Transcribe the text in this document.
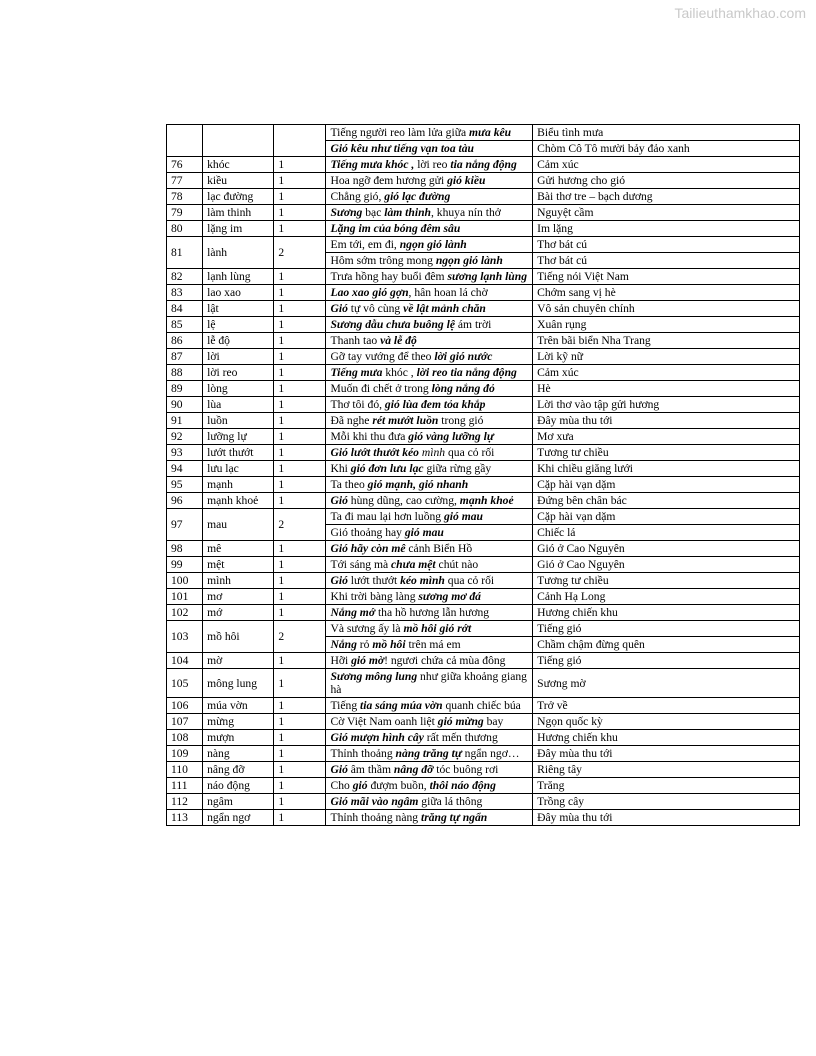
Tailieuthamkhao.com
			Tiếng người reo làm lửa giữa mưa kêu	Biểu tình mưa
			Gió kêu như tiếng vạn toa tàu	Chòm Cô Tô mười bảy đảo xanh
76	khóc	1	Tiếng mưa khóc , lời reo tia nắng động	Cảm xúc
77	kiều	1	Hoa ngỡ đem hương gửi gió kiều	Gửi hương cho gió
78	lạc đường	1	Chẳng gió, gió lạc đường	Bài thơ tre – bạch dương
79	làm thinh	1	Sương bạc làm thinh, khuya nín thở	Nguyệt cầm
80	lặng im	1	Lặng im của bóng đêm sâu	Im lặng
81	lành	2	Em tới, em đi, ngọn gió lành	Thơ bát cú
			Hôm sớm trông mong ngọn gió lành	Thơ bát cú
82	lạnh lùng	1	Trưa hồng hay buổi đêm sương lạnh lùng	Tiếng nói Việt Nam
83	lao xao	1	Lao xao gió gợn, hân hoan lá chờ	Chớm sang vị hè
84	lật	1	Gió tự vô cùng về lật mảnh chăn	Vô sản chuyên chính
85	lệ	1	Sương dẫu chưa buông lệ ám trời	Xuân rụng
86	lễ độ	1	Thanh tao và lễ độ	Trên bãi biển Nha Trang
87	lời	1	Gỡ tay vướng để theo lời gió nước	Lời kỹ nữ
88	lời reo	1	Tiếng mưa khóc , lời reo tia nắng động	Cảm xúc
89	lòng	1	Muốn đi chết ở trong lòng nắng đỏ	Hè
90	lùa	1	Thơ tôi đó, gió lùa đem tỏa khắp	Lời thơ vào tập gửi hương
91	luồn	1	Đã nghe rét mướt luồn trong gió	Đây mùa thu tới
92	lưỡng lự	1	Mỗi khi thu đưa gió vàng lưỡng lự	Mơ xưa
93	lướt thướt	1	Gió lướt thướt kéo mình qua cỏ rối	Tương tư chiều
94	lưu lạc	1	Khi gió đơn lưu lạc giữa rừng gầy	Khi chiều giăng lưới
95	mạnh	1	Ta theo gió mạnh, gió nhanh	Cặp hài vạn dặm
96	mạnh khoẻ	1	Gió hùng dũng, cao cường, mạnh khoẻ	Đứng bên chân bác
97	mau	2	Ta đi mau lại hơn luồng gió mau	Cặp hài vạn dặm
			Gió thoảng hay gió mau	Chiếc lá
98	mê	1	Gió hãy còn mê cảnh Biển Hồ	Gió ở Cao Nguyên
99	mệt	1	Tới sáng mà chưa mệt chút nào	Gió ở Cao Nguyên
100	mình	1	Gió lướt thướt kéo mình qua cỏ rối	Tương tư chiều
101	mơ	1	Khi trời bàng làng sương mơ đá	Cảnh Hạ Long
102	mớ	1	Nắng mớ tha hồ hương lẫn hương	Hương chiến khu
103	mồ hôi	2	Và sương ấy là mồ hôi gió rớt	Tiếng gió
			Nắng rỏ mồ hôi trên má em	Chầm chậm đừng quên
104	mờ	1	Hỡi gió mờ! ngươi chứa cả mùa đông	Tiếng gió
105	mông lung	1	Sương mông lung như giữa khoảng giang hà	Sương mờ
106	múa vờn	1	Tiếng tia sáng múa vờn quanh chiếc búa	Trở về
107	mừng	1	Cờ Việt Nam oanh liệt gió mừng bay	Ngọn quốc kỳ
108	mượn	1	Gió mượn hình cây rất mến thương	Hương chiến khu
109	nàng	1	Thỉnh thoảng nàng trăng tự ngẩn ngơ…	Đây mùa thu tới
110	nâng đỡ	1	Gió âm thầm nâng đỡ tóc buông rơi	Riêng tây
111	náo động	1	Cho gió đượm buồn, thôi náo động	Trăng
112	ngâm	1	Gió mãi vào ngâm giữa lá thông	Trồng cây
113	ngẩn ngơ	1	Thỉnh thoảng nàng trăng tự ngẩn	Đây mùa thu tới
